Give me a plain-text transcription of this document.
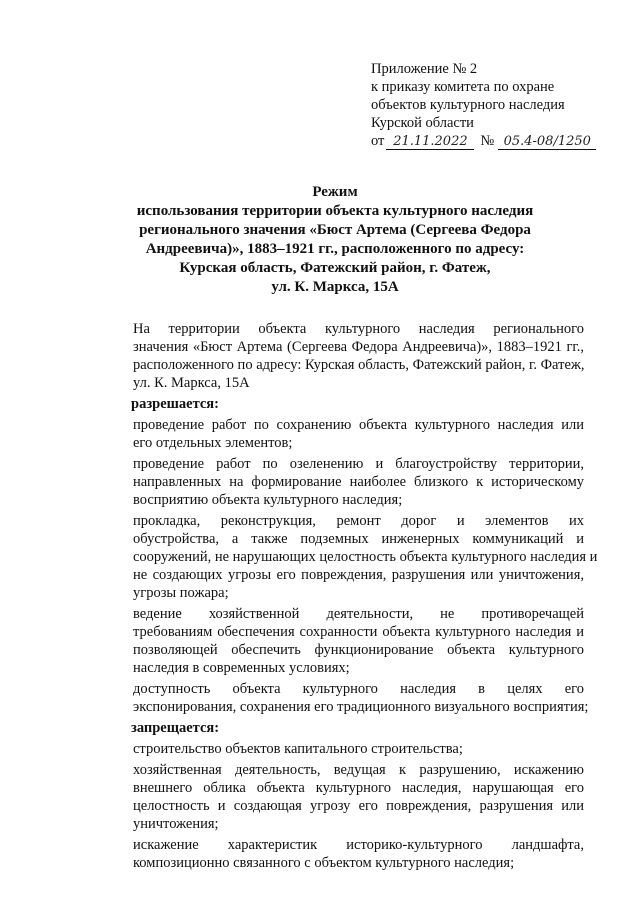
Приложение № 2
к приказу комитета по охране
объектов культурного наследия
Курской области
от 21.11.2022 № 05.4-08/1250
Режим
использования территории объекта культурного наследия
регионального значения «Бюст Артема (Сергеева Федора
Андреевича)», 1883–1921 гг., расположенного по адресу:
Курская область, Фатежский район, г. Фатеж,
ул. К. Маркса, 15А
На территории объекта культурного наследия регионального
значения «Бюст Артема (Сергеева Федора Андреевича)», 1883–1921 гг.,
расположенного по адресу: Курская область, Фатежский район, г. Фатеж,
ул. К. Маркса, 15А
разрешается:
проведение работ по сохранению объекта культурного наследия или
его отдельных элементов;
проведение работ по озеленению и благоустройству территории,
направленных на формирование наиболее близкого к историческому
восприятию объекта культурного наследия;
прокладка, реконструкция, ремонт дорог и элементов их
обустройства, а также подземных инженерных коммуникаций и
сооружений, не нарушающих целостность объекта культурного наследия и
не создающих угрозы его повреждения, разрушения или уничтожения,
угрозы пожара;
ведение хозяйственной деятельности, не противоречащей
требованиям обеспечения сохранности объекта культурного наследия и
позволяющей обеспечить функционирование объекта культурного
наследия в современных условиях;
доступность объекта культурного наследия в целях его
экспонирования, сохранения его традиционного визуального восприятия;
запрещается:
строительство объектов капитального строительства;
хозяйственная деятельность, ведущая к разрушению, искажению
внешнего облика объекта культурного наследия, нарушающая его
целостность и создающая угрозу его повреждения, разрушения или
уничтожения;
искажение характеристик историко-культурного ландшафта,
композиционно связанного с объектом культурного наследия;
